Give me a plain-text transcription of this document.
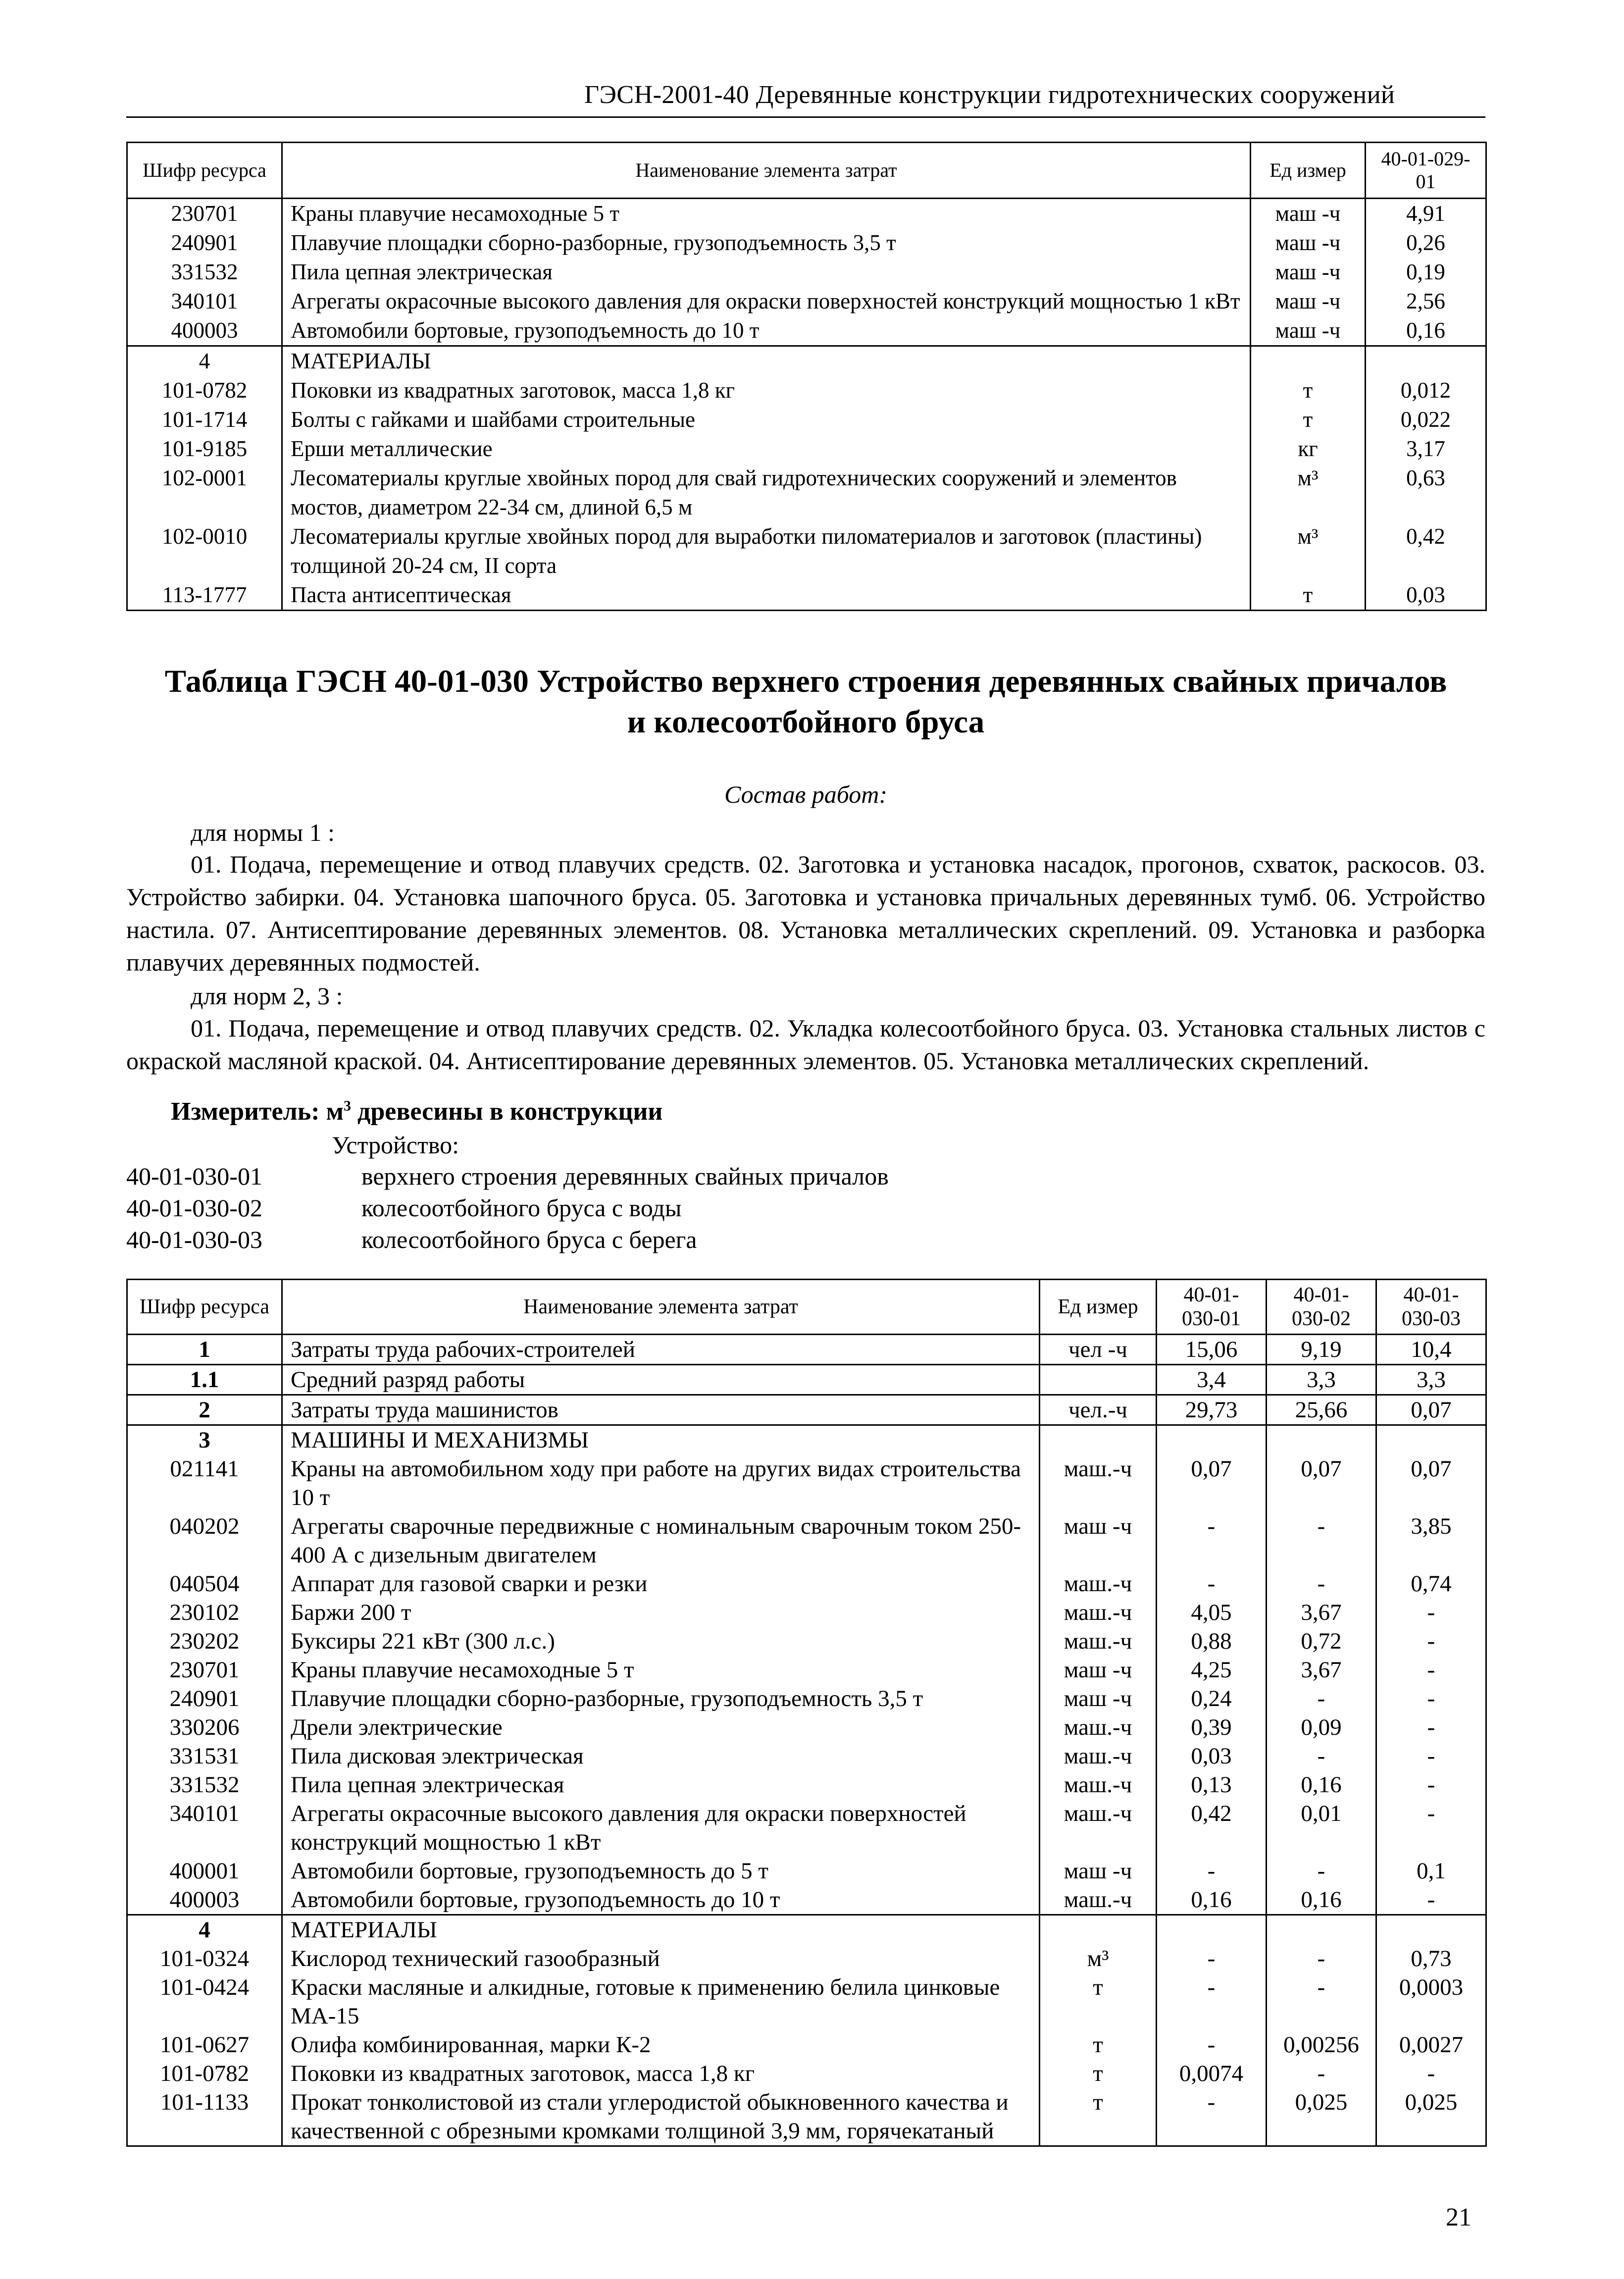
ГЭСН-2001-40 Деревянные конструкции гидротехнических сооружений
Шифр ресурса	Наименование элемента затрат	Ед измер	40-01-029-01
230701	Краны плавучие несамоходные 5 т	маш -ч	4,91
240901	Плавучие площадки сборно-разборные, грузоподъемность 3,5 т	маш -ч	0,26
331532	Пила цепная электрическая	маш -ч	0,19
340101	Агрегаты окрасочные высокого давления для окраски поверхностей конструкций мощностью 1 кВт	маш -ч	2,56
400003	Автомобили бортовые, грузоподъемность до 10 т	маш -ч	0,16
4	МАТЕРИАЛЫ		
101-0782	Поковки из квадратных заготовок, масса 1,8 кг	т	0,012
101-1714	Болты с гайками и шайбами строительные	т	0,022
101-9185	Ерши металлические	кг	3,17
102-0001	Лесоматериалы круглые хвойных пород для свай гидротехнических сооружений и элементов мостов, диаметром 22-34 см, длиной 6,5 м	м³	0,63
102-0010	Лесоматериалы круглые хвойных пород для выработки пиломатериалов и заготовок (пластины) толщиной 20-24 см, II сорта	м³	0,42
113-1777	Паста антисептическая	т	0,03
Таблица ГЭСН 40-01-030 Устройство верхнего строения деревянных свайных причалов
и колесоотбойного бруса
Состав работ:
для нормы 1 :
01. Подача, перемещение и отвод плавучих средств. 02. Заготовка и установка насадок, прогонов, схваток, раскосов. 03. Устройство забирки. 04. Установка шапочного бруса. 05. Заготовка и установка причальных деревянных тумб. 06. Устройство настила. 07. Антисептирование деревянных элементов. 08. Установка металлических скреплений. 09. Установка и разборка плавучих деревянных подмостей.
для норм 2, 3 :
01. Подача, перемещение и отвод плавучих средств. 02. Укладка колесоотбойного бруса. 03. Установка стальных листов с окраской масляной краской. 04. Антисептирование деревянных элементов. 05. Установка металлических скреплений.
Измеритель: $м^3$ древесины в конструкции
Устройство:
40-01-030-01	верхнего строения деревянных свайных причалов
40-01-030-02	колесоотбойного бруса с воды
40-01-030-03	колесоотбойного бруса с берега
Шифр ресурса	Наименование элемента затрат	Ед измер	40-01-030-01	40-01-030-02	40-01-030-03
1	Затраты труда рабочих-строителей	чел -ч	15,06	9,19	10,4
1.1	Средний разряд работы		3,4	3,3	3,3
2	Затраты труда машинистов	чел.-ч	29,73	25,66	0,07
3	МАШИНЫ И МЕХАНИЗМЫ				
021141	Краны на автомобильном ходу при работе на других видах строительства 10 т	маш.-ч	0,07	0,07	0,07
040202	Агрегаты сварочные передвижные с номинальным сварочным током 250-400 А с дизельным двигателем	маш -ч	-	-	3,85
040504	Аппарат для газовой сварки и резки	маш.-ч	-	-	0,74
230102	Баржи 200 т	маш.-ч	4,05	3,67	-
230202	Буксиры 221 кВт (300 л.с.)	маш.-ч	0,88	0,72	-
230701	Краны плавучие несамоходные 5 т	маш -ч	4,25	3,67	-
240901	Плавучие площадки сборно-разборные, грузоподъемность 3,5 т	маш -ч	0,24	-	-
330206	Дрели электрические	маш.-ч	0,39	0,09	-
331531	Пила дисковая электрическая	маш.-ч	0,03	-	-
331532	Пила цепная электрическая	маш.-ч	0,13	0,16	-
340101	Агрегаты окрасочные высокого давления для окраски поверхностей конструкций мощностью 1 кВт	маш.-ч	0,42	0,01	-
400001	Автомобили бортовые, грузоподъемность до 5 т	маш -ч	-	-	0,1
400003	Автомобили бортовые, грузоподъемность до 10 т	маш.-ч	0,16	0,16	-
4	МАТЕРИАЛЫ				
101-0324	Кислород технический газообразный	м³	-	-	0,73
101-0424	Краски масляные и алкидные, готовые к применению белила цинковые МА-15	т	-	-	0,0003
101-0627	Олифа комбинированная, марки К-2	т	-	0,00256	0,0027
101-0782	Поковки из квадратных заготовок, масса 1,8 кг	т	0,0074	-	-
101-1133	Прокат тонколистовой из стали углеродистой обыкновенного качества и качественной с обрезными кромками толщиной 3,9 мм, горячекатаный	т	-	0,025	0,025
21
